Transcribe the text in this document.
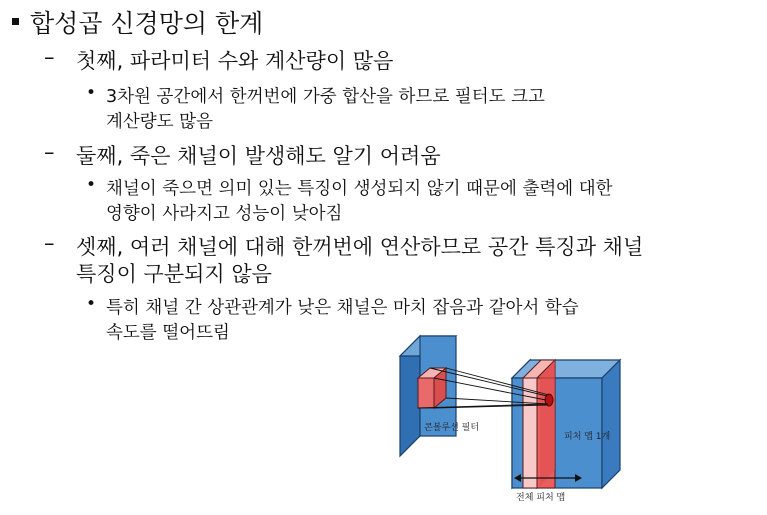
합성곱 신경망의 한계
– 첫째, 파라미터 수와 계산량이 많음
• 3차원 공간에서 한꺼번에 가중 합산을 하므로 필터도 크고
계산량도 많음
– 둘째, 죽은 채널이 발생해도 알기 어려움
• 채널이 죽으면 의미 있는 특징이 생성되지 않기 때문에 출력에 대한
영향이 사라지고 성능이 낮아짐
– 셋째, 여러 채널에 대해 한꺼번에 연산하므로 공간 특징과 채널
특징이 구분되지 않음
• 특히 채널 간 상관관계가 낮은 채널은 마치 잡음과 같아서 학습
속도를 떨어뜨림
콘볼루션 필터
피처 맵 1개
전체 피처 맵
